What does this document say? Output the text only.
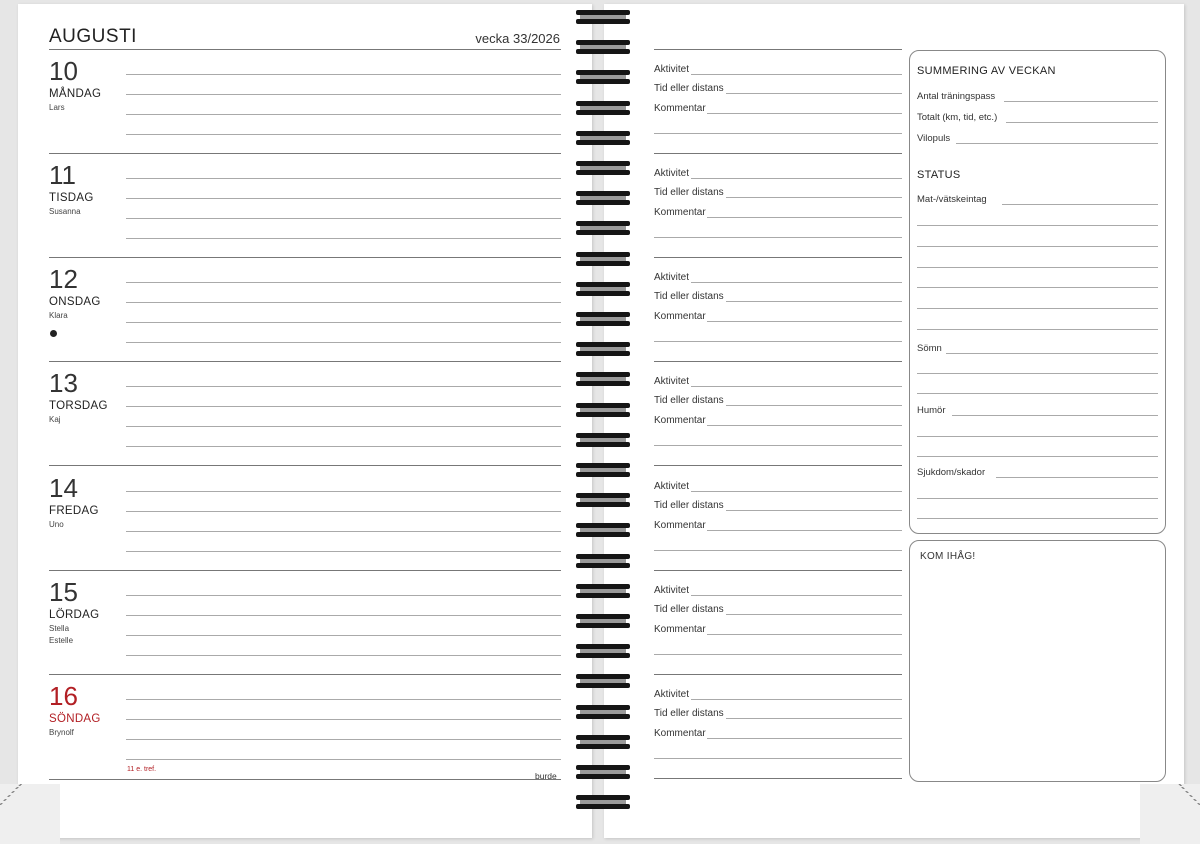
AUGUSTI	vecka 33/2026
10
MÅNDAG
Lars
11
TISDAG
Susanna
12
ONSDAG
Klara
13
TORSDAG
Kaj
14
FREDAG
Uno
15
LÖRDAG
Stella
Estelle
16
SÖNDAG
Brynolf
11 e. tref.
burde
Aktivitet
Tid eller distans
Kommentar
Aktivitet
Tid eller distans
Kommentar
Aktivitet
Tid eller distans
Kommentar
Aktivitet
Tid eller distans
Kommentar
Aktivitet
Tid eller distans
Kommentar
Aktivitet
Tid eller distans
Kommentar
Aktivitet
Tid eller distans
Kommentar
SUMMERING AV VECKAN
Antal träningspass
Totalt (km, tid, etc.)
Vilopuls
STATUS
Mat-/vätskeintag
Sömn
Humör
Sjukdom/skador
KOM IHÅG!
